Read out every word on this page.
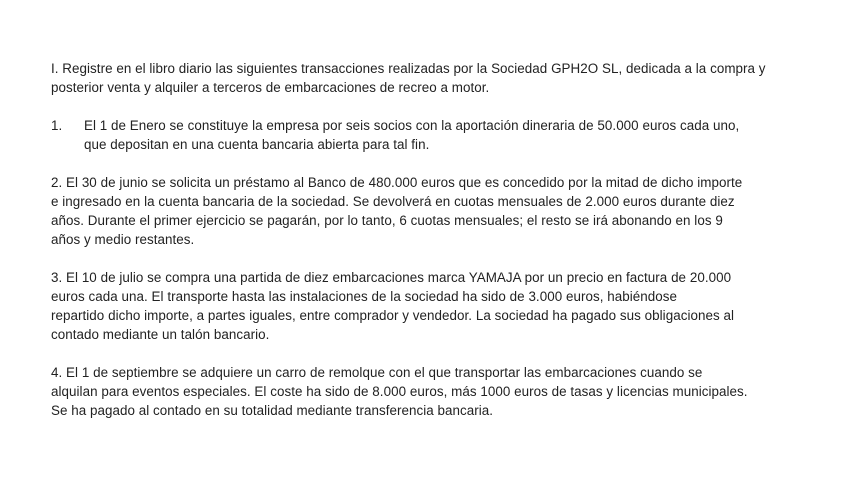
I. Registre en el libro diario las siguientes transacciones realizadas por la Sociedad GPH2O SL, dedicada a la compra y
posterior venta y alquiler a terceros de embarcaciones de recreo a motor.

1. El 1 de Enero se constituye la empresa por seis socios con la aportación dineraria de 50.000 euros cada uno,
que depositan en una cuenta bancaria abierta para tal fin.

2. El 30 de junio se solicita un préstamo al Banco de 480.000 euros que es concedido por la mitad de dicho importe
e ingresado en la cuenta bancaria de la sociedad. Se devolverá en cuotas mensuales de 2.000 euros durante diez
años. Durante el primer ejercicio se pagarán, por lo tanto, 6 cuotas mensuales; el resto se irá abonando en los 9
años y medio restantes.

3. El 10 de julio se compra una partida de diez embarcaciones marca YAMAJA por un precio en factura de 20.000
euros cada una. El transporte hasta las instalaciones de la sociedad ha sido de 3.000 euros, habiéndose
repartido dicho importe, a partes iguales, entre comprador y vendedor. La sociedad ha pagado sus obligaciones al
contado mediante un talón bancario.

4. El 1 de septiembre se adquiere un carro de remolque con el que transportar las embarcaciones cuando se
alquilan para eventos especiales. El coste ha sido de 8.000 euros, más 1000 euros de tasas y licencias municipales.
Se ha pagado al contado en su totalidad mediante transferencia bancaria.
